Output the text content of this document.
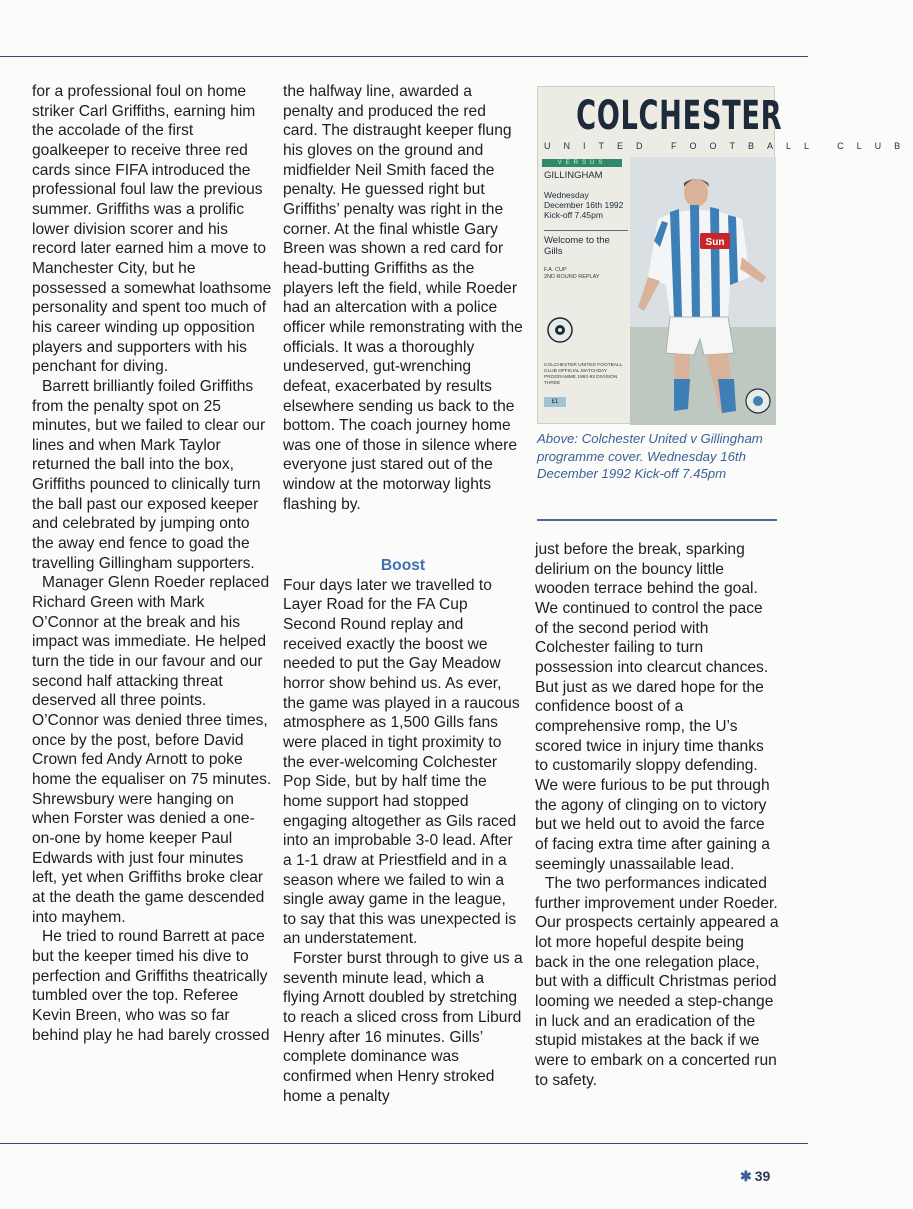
for a professional foul on home striker Carl Griffiths, earning him the accolade of the first goalkeeper to receive three red cards since FIFA introduced the professional foul law the previous summer. Griffiths was a prolific lower division scorer and his record later earned him a move to Manchester City, but he possessed a somewhat loathsome personality and spent too much of his career winding up opposition players and supporters with his penchant for diving.

Barrett brilliantly foiled Griffiths from the penalty spot on 25 minutes, but we failed to clear our lines and when Mark Taylor returned the ball into the box, Griffiths pounced to clinically turn the ball past our exposed keeper and celebrated by jumping onto the away end fence to goad the travelling Gillingham supporters.

Manager Glenn Roeder replaced Richard Green with Mark O’Connor at the break and his impact was immediate. He helped turn the tide in our favour and our second half attacking threat deserved all three points. O’Connor was denied three times, once by the post, before David Crown fed Andy Arnott to poke home the equaliser on 75 minutes. Shrewsbury were hanging on when Forster was denied a one-on-one by home keeper Paul Edwards with just four minutes left, yet when Griffiths broke clear at the death the game descended into mayhem.

He tried to round Barrett at pace but the keeper timed his dive to perfection and Griffiths theatrically tumbled over the top. Referee Kevin Breen, who was so far behind play he had barely crossed

the halfway line, awarded a penalty and produced the red card. The distraught keeper flung his gloves on the ground and midfielder Neil Smith faced the penalty. He guessed right but Griffiths’ penalty was right in the corner. At the final whistle Gary Breen was shown a red card for head-butting Griffiths as the players left the field, while Roeder had an altercation with a police officer while remonstrating with the officials. It was a thoroughly undeserved, gut-wrenching defeat, exacerbated by results elsewhere sending us back to the bottom. The coach journey home was one of those in silence where everyone just stared out of the window at the motorway lights flashing by.

Boost

Four days later we travelled to Layer Road for the FA Cup Second Round replay and received exactly the boost we needed to put the Gay Meadow horror show behind us. As ever, the game was played in a raucous atmosphere as 1,500 Gills fans were placed in tight proximity to the ever-welcoming Colchester Pop Side, but by half time the home support had stopped engaging altogether as Gils raced into an improbable 3-0 lead. After a 1-1 draw at Priestfield and in a season where we failed to win a single away game in the league, to say that this was unexpected is an understatement.

Forster burst through to give us a seventh minute lead, which a flying Arnott doubled by stretching to reach a sliced cross from Liburd Henry after 16 minutes. Gills’ complete dominance was confirmed when Henry stroked home a penalty

just before the break, sparking delirium on the bouncy little wooden terrace behind the goal. We continued to control the pace of the second period with Colchester failing to turn possession into clearcut chances. But just as we dared hope for the confidence boost of a comprehensive romp, the U’s scored twice in injury time thanks to customarily sloppy defending. We were furious to be put through the agony of clinging on to victory but we held out to avoid the farce of facing extra time after gaining a seemingly unassailable lead.

The two performances indicated further improvement under Roeder. Our prospects certainly appeared a lot more hopeful despite being back in the one relegation place, but with a difficult Christmas period looming we needed a step-change in luck and an eradication of the stupid mistakes at the back if we were to embark on a concerted run to safety.

COLCHESTER
UNITED FOOTBALL CLUB
VERSUS
GILLINGHAM
Wednesday
December 16th 1992
Kick-off 7.45pm
Welcome to the Gills
F.A. CUP
2ND ROUND REPLAY
COLCHESTER UNITED FOOTBALL CLUB OFFICIAL MATCHDAY PROGRAMME 1992-93 DIVISION THREE
£1
Sun
Above: Colchester United v Gillingham programme cover. Wednesday 16th December 1992 Kick-off 7.45pm
✱ 39
